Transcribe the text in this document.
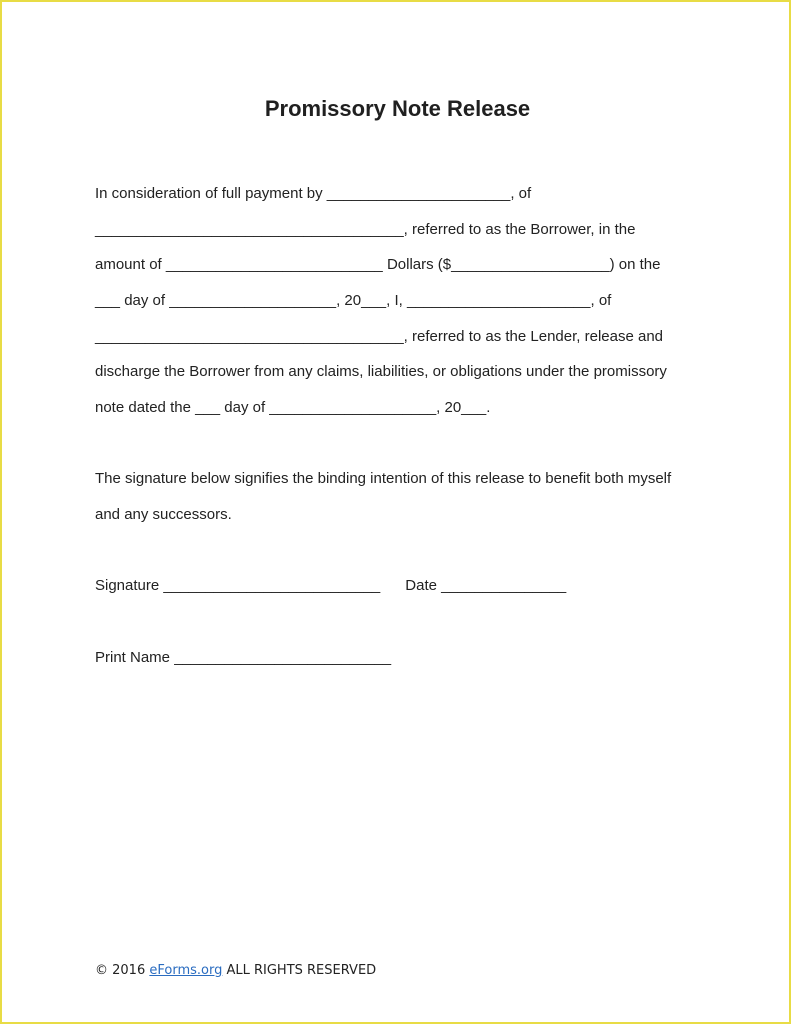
Promissory Note Release
In consideration of full payment by ______________________, of
_____________________________________, referred to as the Borrower, in the
amount of __________________________ Dollars ($___________________) on the
___ day of ____________________, 20___, I, ______________________, of
_____________________________________, referred to as the Lender, release and
discharge the Borrower from any claims, liabilities, or obligations under the promissory
note dated the ___ day of ____________________, 20___.
The signature below signifies the binding intention of this release to benefit both myself
and any successors.
Signature __________________________      Date _______________
Print Name __________________________
© 2016 eForms.org ALL RIGHTS RESERVED
